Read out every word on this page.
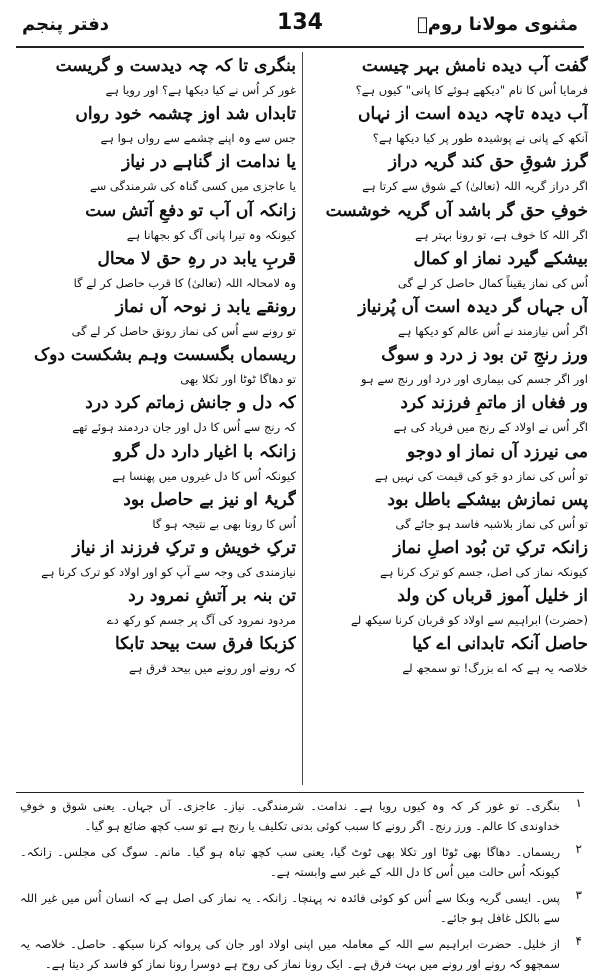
مثنوی مولانا رومؒ
134
دفتر پنجم
گفت آب دیده نامش بہر چیست
فرمایا اُس کا نام "دیکھے ہوئے کا پانی" کیوں ہے؟
آب دیدہ تاچہ دیدہ است از نہاں
آنکھ کے پانی نے پوشیدہ طور پر کیا دیکھا ہے؟
گرز شوقِ حق کند گریہ دراز
اگر دراز گریہ اللہ (تعالیٰ) کے شوق سے کرتا ہے
خوفِ حق گر باشد آں گریہ خوشست
اگر اللہ کا خوف ہے، تو رونا بہتر ہے
بیشکے گیرد نماز او کمال
اُس کی نماز یقیناً کمال حاصل کر لے گی
آں جہاں گر دیدہ است آں پُرنیاز
اگر اُس نیازمند نے اُس عالم کو دیکھا ہے
ورز رنجِ تن بود ز درد و سوگ
اور اگر جسم کی بیماری اور درد اور رنج سے ہو
ور فغاں از ماتمِ فرزند کرد
اگر اُس نے اولاد کے رنج میں فریاد کی ہے
می نیرزد آں نماز او دوجو
تو اُس کی نماز دو جَو کی قیمت کی نہیں ہے
پس نمازش بیشکے باطل بود
تو اُس کی نماز بلاشبہ فاسد ہو جائے گی
زانکہ ترکِ تن بُود اصلِ نماز
کیونکہ نماز کی اصل، جسم کو ترک کرنا ہے
از خلیل آموز قرباں کن ولد
(حضرت) ابراہیم سے اولاد کو قربان کرنا سیکھ لے
حاصل آنکہ تابدانی اے کیا
خلاصہ یہ ہے کہ اے بزرگ! تو سمجھ لے
بنگری تا کہ چہ دیدست و گریست
غور کر اُس نے کیا دیکھا ہے؟ اور رویا ہے
تابداں شد اوز چشمہ خود رواں
جس سے وہ اپنے چشمے سے رواں ہوا ہے
یا ندامت از گناہے در نیاز
یا عاجزی میں کسی گناہ کی شرمندگی سے
زانکہ آں آب تو دفعِ آتش ست
کیونکہ وہ تیرا پانی آگ کو بجھانا ہے
قربِ یابد در رہِ حق لا محال
وہ لامحالہ اللہ (تعالیٰ) کا قرب حاصل کر لے گا
رونقے یابد ز نوحہ آں نماز
تو رونے سے اُس کی نماز رونق حاصل کر لے گی
ریسماں بگسست وہم بشکست دوک
تو دھاگا ٹوٹا اور تکلا بھی
کہ دل و جانش زماتم کرد درد
کہ رنج سے اُس کا دل اور جان دردمند ہوئے تھے
زانکہ با اغیار دارد دل گرو
کیونکہ اُس کا دل غیروں میں پھنسا ہے
گریۂ او نیز بے حاصل بود
اُس کا رونا بھی بے نتیجہ ہو گا
ترکِ خویش و ترکِ فرزند از نیاز
نیازمندی کی وجہ سے آپ کو اور اولاد کو ترک کرنا ہے
تن بنہ بر آتشِ نمرود رد
مردود نمرود کی آگ پر جسم کو رکھ دے
کزبکا فرق ست بیحد تابکا
کہ رونے اور رونے میں بیحد فرق ہے
۱
بنگری۔ تو غور کر کہ وہ کیوں رویا ہے۔ ندامت۔ شرمندگی۔ نیاز۔ عاجزی۔ آں جہاں۔ یعنی شوق و خوفِ خداوندی کا عالم۔ ورز رنج۔ اگر رونے کا سبب کوئی بدنی تکلیف یا رنج ہے تو سب کچھ ضائع ہو گیا۔
۲
ریسماں۔ دھاگا بھی ٹوٹا اور تکلا بھی ٹوٹ گیا، یعنی سب کچھ تباہ ہو گیا۔ ماتم۔ سوگ کی مجلس۔ زانکہ۔ کیونکہ اُس حالت میں اُس کا دل اللہ کے غیر سے وابستہ ہے۔
۳
پس۔ ایسی گریہ وبکا سے اُس کو کوئی فائدہ نہ پہنچا۔ زانکہ۔ یہ نماز کی اصل ہے کہ انسان اُس میں غیر اللہ سے بالکل غافل ہو جائے۔
۴
از خلیل۔ حضرت ابراہیم سے اللہ کے معاملہ میں اپنی اولاد اور جان کی پروانہ کرنا سیکھ۔ حاصل۔ خلاصہ یہ سمجھو کہ رونے اور رونے میں بہت فرق ہے۔ ایک رونا نماز کی روح ہے دوسرا رونا نماز کو فاسد کر دیتا ہے۔
